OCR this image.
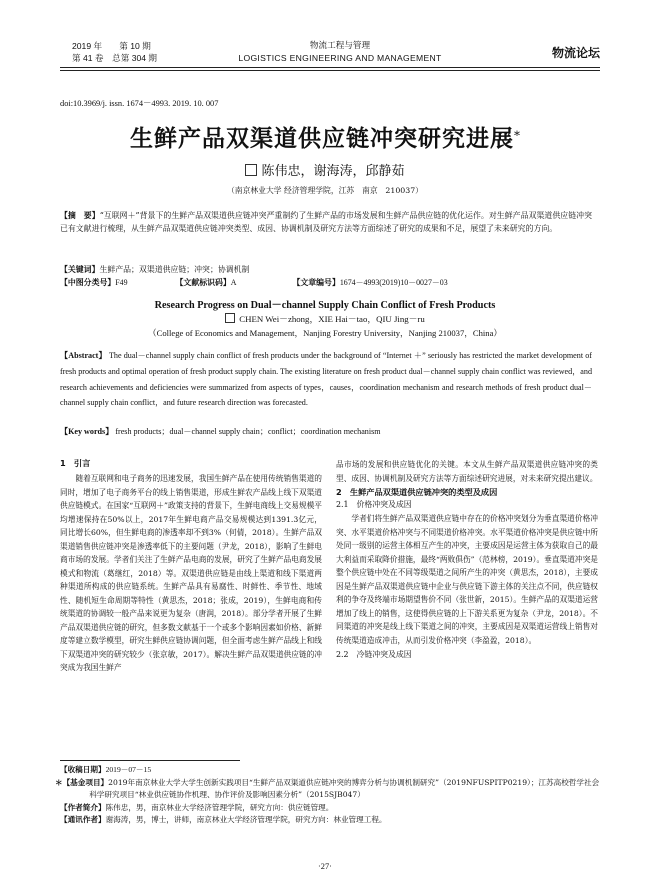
2019 年　　第 10 期
第 41 卷　总第 304 期
物流工程与管理
LOGISTICS ENGINEERING AND MANAGEMENT	物流论坛
doi:10.3969/j. issn. 1674－4993. 2019. 10. 007
生鲜产品双渠道供应链冲突研究进展*
陈伟忠，谢海涛，邱静茹
（南京林业大学 经济管理学院，江苏　南京　210037）
【摘　要】“互联网＋”背景下的生鲜产品双渠道供应链冲突严重制约了生鲜产品的市场发展和生鲜产品供应链的优化运作。对生鲜产品双渠道供应链冲突已有文献进行梳理，从生鲜产品双渠道供应链冲突类型、成因、协调机制及研究方法等方面综述了研究的成果和不足，展望了未来研究的方向。
【关键词】生鲜产品；双渠道供应链；冲突；协调机制
【中图分类号】F49	【文献标识码】A	【文章编号】1674－4993(2019)10－0027－03
Research Progress on Dual－channel Supply Chain Conflict of Fresh Products
CHEN Wei－zhong，XIE Hai－tao，QIU Jing－ru
（College of Economics and Management，Nanjing Forestry University，Nanjing 210037，China）
【Abstract】 The dual－channel supply chain conflict of fresh products under the background of “Internet ＋” seriously has restricted the market development of fresh products and optimal operation of fresh product supply chain. The existing literature on fresh product dual－channel supply chain conflict was reviewed，and research achievements and deficiencies were summarized from aspects of types，causes，coordination mechanism and research methods of fresh product dual－channel supply chain conflict，and future research direction was forecasted.
【Key words】 fresh products；dual－channel supply chain；conflict；coordination mechanism
1　引言

随着互联网和电子商务的迅速发展，我国生鲜产品在使用传统销售渠道的同时，增加了电子商务平台的线上销售渠道，形成生鲜农产品线上线下双渠道供应链模式。在国家“互联网＋”政策支持的背景下，生鲜电商线上交易规模平均增速保持在50%以上，2017年生鲜电商产品交易规模达到1391.3亿元，同比增长60%，但生鲜电商的渗透率却不到3%（何倩，2018）。生鲜产品双渠道销售供应链冲突是渗透率低下的主要问题（尹龙，2018），影响了生鲜电商市场的发展。学者们关注了生鲜产品电商的发展，研究了生鲜产品电商发展模式和物流（葛继红，2018）等。双渠道供应链是由线上渠道和线下渠道两种渠道所构成的供应链系统。生鲜产品具有易腐性、时鲜性、季节性、地域性、随机短生命周期等特性（黄思杰，2018；张成，2019），生鲜电商和传统渠道的协调较一般产品来说更为复杂（唐润，2018）。部分学者开展了生鲜产品双渠道供应链的研究，但多数文献基于一个或多个影响因素如价格、新鲜度等建立数学模型，研究生鲜供应链协调问题，但全面考虑生鲜产品线上和线下双渠道冲突的研究较少（张京敏，2017）。解决生鲜产品双渠道供应链的冲突成为我国生鲜产

品市场的发展和供应链优化的关键。本文从生鲜产品双渠道供应链冲突的类型、成因、协调机制及研究方法等方面综述研究进展，对未来研究提出建议。

2　生鲜产品双渠道供应链冲突的类型及成因
2.1　价格冲突及成因

学者们将生鲜产品双渠道供应链中存在的价格冲突划分为垂直渠道价格冲突、水平渠道价格冲突与不同渠道价格冲突。水平渠道价格冲突是供应链中所处同一级别的运营主体相互产生的冲突，主要成因是运营主体为获取自己的最大利益而采取降价措施，最终“两败俱伤”（范林榜，2019）。垂直渠道冲突是整个供应链中处在不同等级渠道之间所产生的冲突（黄思杰，2018），主要成因是生鲜产品双渠道供应链中企业与供应链下游主体的关注点不同，供应链权利的争夺及终端市场期望售价不同（张世新，2015）。生鲜产品的双渠道运营增加了线上的销售，这使得供应链的上下游关系更为复杂（尹龙，2018）。不同渠道的冲突是线上线下渠道之间的冲突，主要成因是双渠道运营线上销售对传统渠道造成冲击，从而引发价格冲突（李盈盈，2018）。

2.2　冷链冲突及成因
【收稿日期】2019－07－15
＊【基金项目】2019年南京林业大学大学生创新实践项目“生鲜产品双渠道供应链冲突的博弈分析与协调机制研究”（2019NFUSPITP0219）；江苏高校哲学社会科学研究项目“林业供应链协作机理、协作评价及影响因素分析”（2015SJB047）
【作者简介】陈伟忠，男，南京林业大学经济管理学院，研究方向：供应链管理。
【通讯作者】谢海涛，男，博士，讲师，南京林业大学经济管理学院，研究方向：林业管理工程。
·27·
